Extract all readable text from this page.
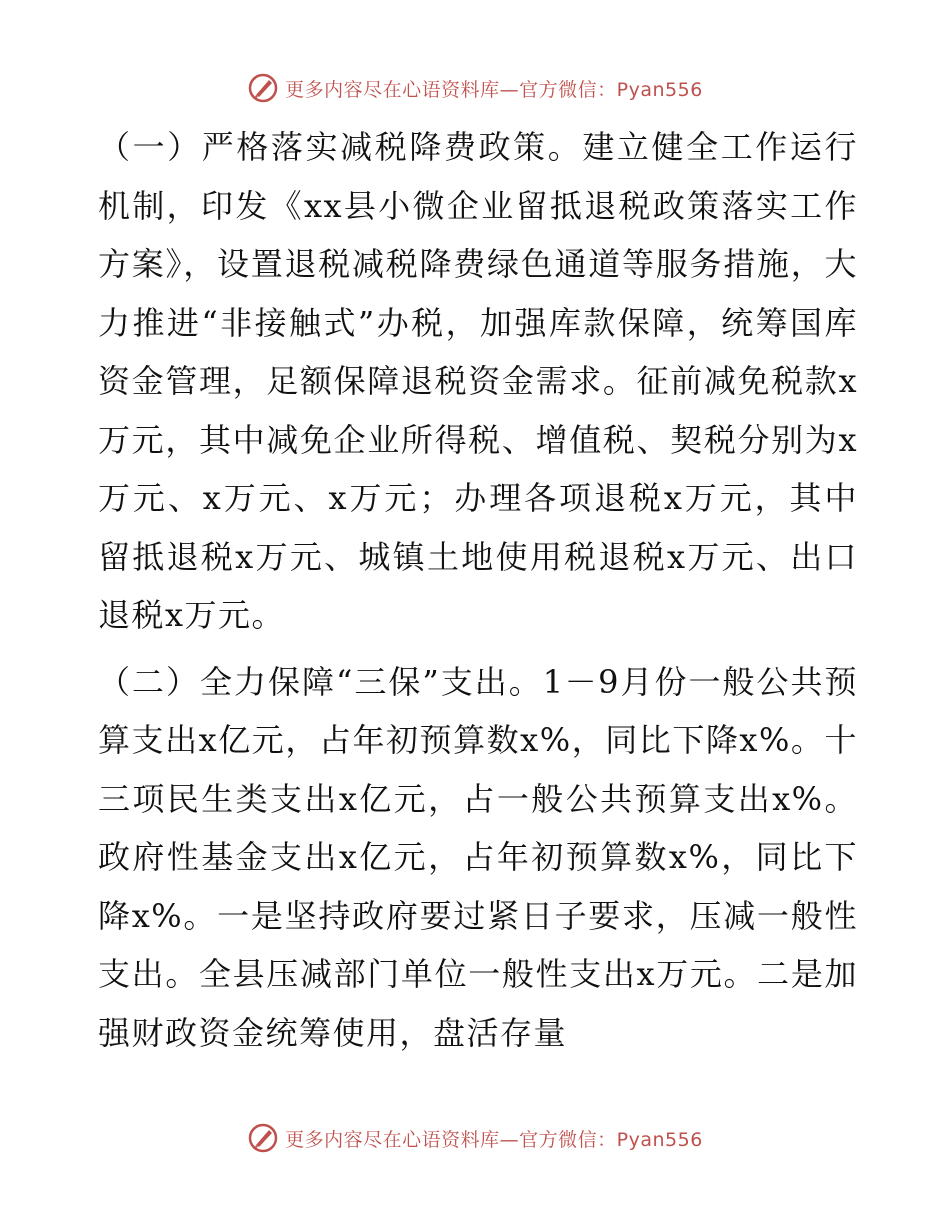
更多内容尽在心语资料库—官方微信：Pyan556

（一）严格落实减税降费政策。建立健全工作运行机制，印发《xx县小微企业留抵退税政策落实工作方案》，设置退税减税降费绿色通道等服务措施，大力推进“非接触式”办税，加强库款保障，统筹国库资金管理，足额保障退税资金需求。征前减免税款x万元，其中减免企业所得税、增值税、契税分别为x万元、x万元、x万元；办理各项退税x万元，其中留抵退税x万元、城镇土地使用税退税x万元、出口退税x万元。

（二）全力保障“三保”支出。1－9月份一般公共预算支出x亿元，占年初预算数x%，同比下降x%。十三项民生类支出x亿元，占一般公共预算支出x%。政府性基金支出x亿元，占年初预算数x%，同比下降x%。一是坚持政府要过紧日子要求，压减一般性支出。全县压减部门单位一般性支出x万元。二是加强财政资金统筹使用，盘活存量

更多内容尽在心语资料库—官方微信：Pyan556
